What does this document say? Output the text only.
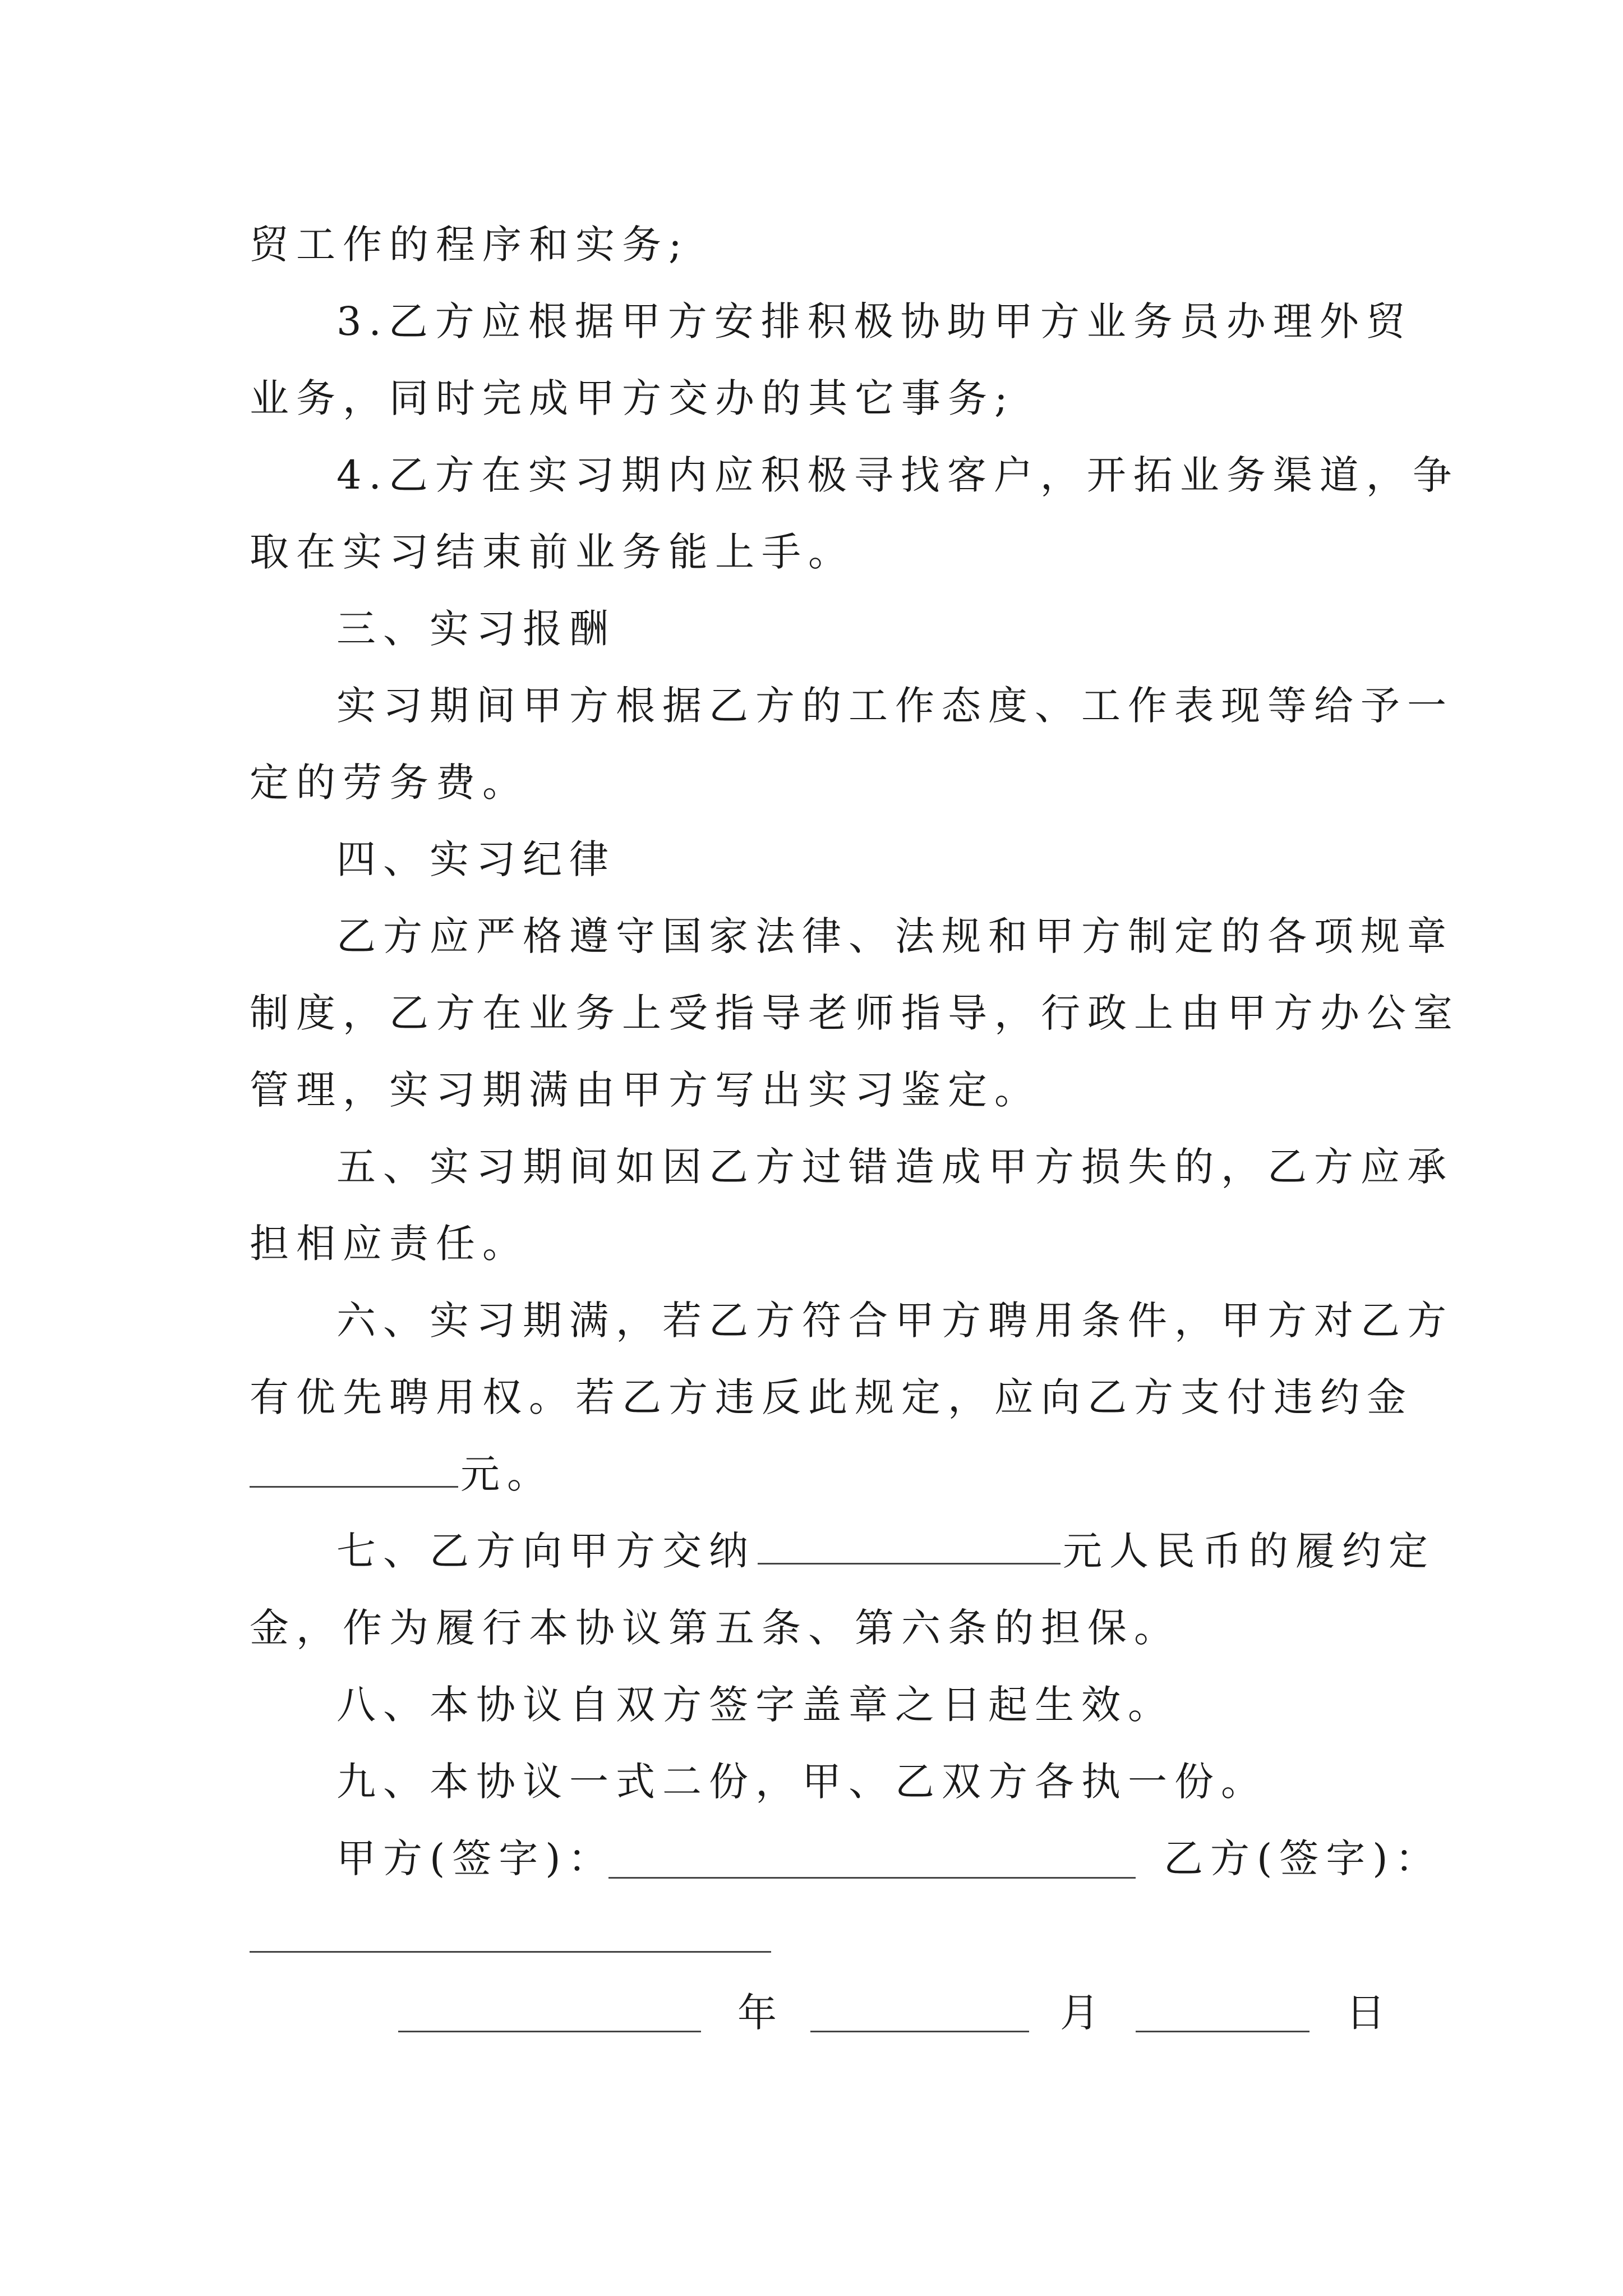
贸工作的程序和实务;
3.乙方应根据甲方安排积极协助甲方业务员办理外贸
业务，同时完成甲方交办的其它事务;
4.乙方在实习期内应积极寻找客户，开拓业务渠道，争
取在实习结束前业务能上手。
三、实习报酬
实习期间甲方根据乙方的工作态度、工作表现等给予一
定的劳务费。
四、实习纪律
乙方应严格遵守国家法律、法规和甲方制定的各项规章
制度，乙方在业务上受指导老师指导，行政上由甲方办公室
管理，实习期满由甲方写出实习鉴定。
五、实习期间如因乙方过错造成甲方损失的，乙方应承
担相应责任。
六、实习期满，若乙方符合甲方聘用条件，甲方对乙方
有优先聘用权。若乙方违反此规定，应向乙方支付违约金
元。
七、乙方向甲方交纳	元人民币的履约定
金，作为履行本协议第五条、第六条的担保。
八、本协议自双方签字盖章之日起生效。
九、本协议一式二份，甲、乙双方各执一份。
甲方(签字)：	乙方(签字)：
年	月	日
